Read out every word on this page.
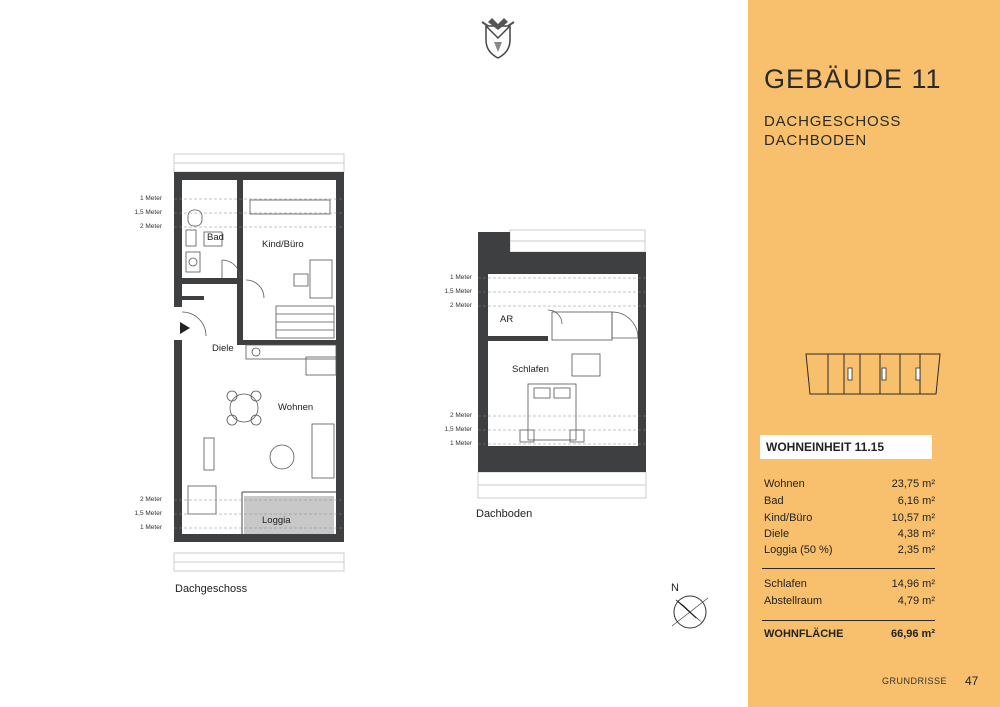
Bad
Kind/Büro
Diele
Wohnen
Loggia
AR
Schlafen
1 Meter
1,5 Meter
2 Meter
2 Meter
1,5 Meter
1 Meter
1 Meter
1,5 Meter
2 Meter
2 Meter
1,5 Meter
1 Meter
Dachgeschoss
Dachboden
N
GEBÄUDE 11
DACHGESCHOSS
DACHBODEN
WOHNEINHEIT 11.15
Wohnen	23,75 m²
Bad	6,16 m²
Kind/Büro	10,57 m²
Diele	4,38 m²
Loggia (50 %)	2,35 m²
Schlafen	14,96 m²
Abstellraum	4,79 m²
WOHNFLÄCHE	66,96 m²
GRUNDRISSE 47
